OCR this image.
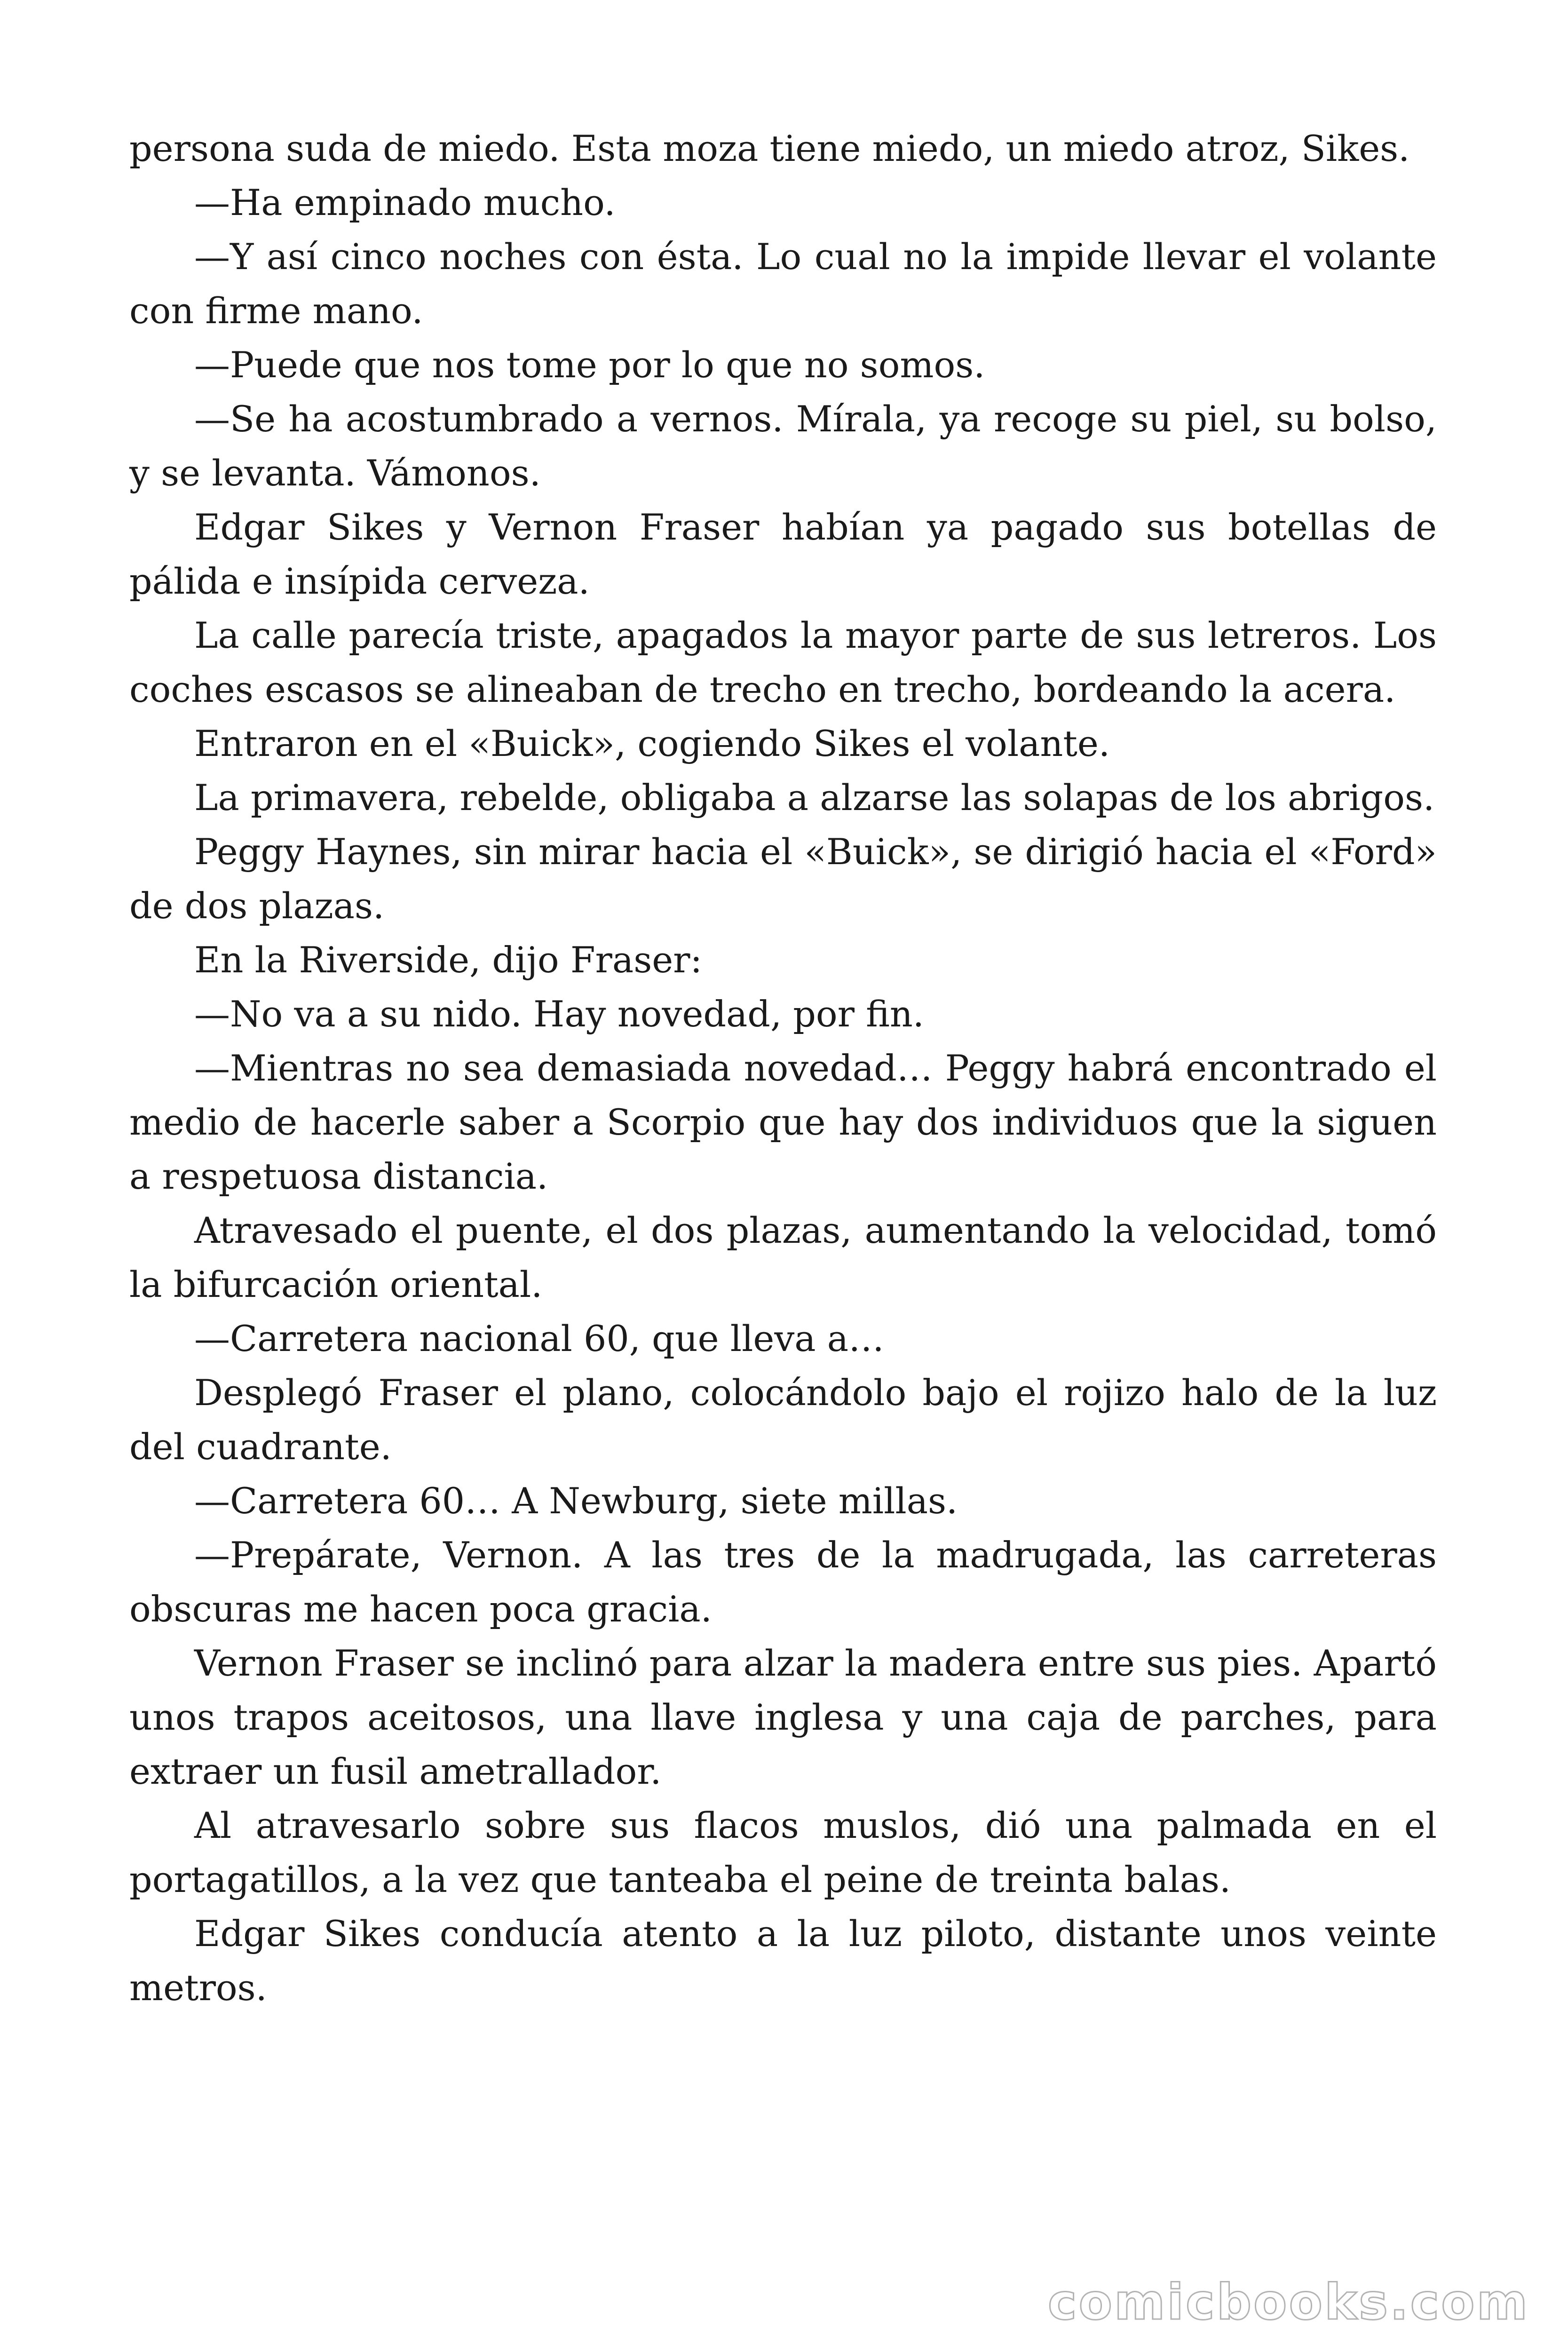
persona suda de miedo. Esta moza tiene miedo, un miedo atroz, Sikes.

—Ha empinado mucho.

—Y así cinco noches con ésta. Lo cual no la impide llevar el volante con firme mano.

—Puede que nos tome por lo que no somos.

—Se ha acostumbrado a vernos. Mírala, ya recoge su piel, su bolso, y se levanta. Vámonos.

Edgar Sikes y Vernon Fraser habían ya pagado sus botellas de pálida e insípida cerveza.

La calle parecía triste, apagados la mayor parte de sus letreros. Los coches escasos se alineaban de trecho en trecho, bordeando la acera.

Entraron en el «Buick», cogiendo Sikes el volante.

La primavera, rebelde, obligaba a alzarse las solapas de los abrigos.

Peggy Haynes, sin mirar hacia el «Buick», se dirigió hacia el «Ford» de dos plazas.

En la Riverside, dijo Fraser:

—No va a su nido. Hay novedad, por fin.

—Mientras no sea demasiada novedad… Peggy habrá encontrado el medio de hacerle saber a Scorpio que hay dos individuos que la siguen a respetuosa distancia.

Atravesado el puente, el dos plazas, aumentando la velocidad, tomó la bifurcación oriental.

—Carretera nacional 60, que lleva a…

Desplegó Fraser el plano, colocándolo bajo el rojizo halo de la luz del cuadrante.

—Carretera 60… A Newburg, siete millas.

—Prepárate, Vernon. A las tres de la madrugada, las carreteras obscuras me hacen poca gracia.

Vernon Fraser se inclinó para alzar la madera entre sus pies. Apartó unos trapos aceitosos, una llave inglesa y una caja de parches, para extraer un fusil ametrallador.

Al atravesarlo sobre sus flacos muslos, dió una palmada en el portagatillos, a la vez que tanteaba el peine de treinta balas.

Edgar Sikes conducía atento a la luz piloto, distante unos veinte metros.

comicbooks.com
